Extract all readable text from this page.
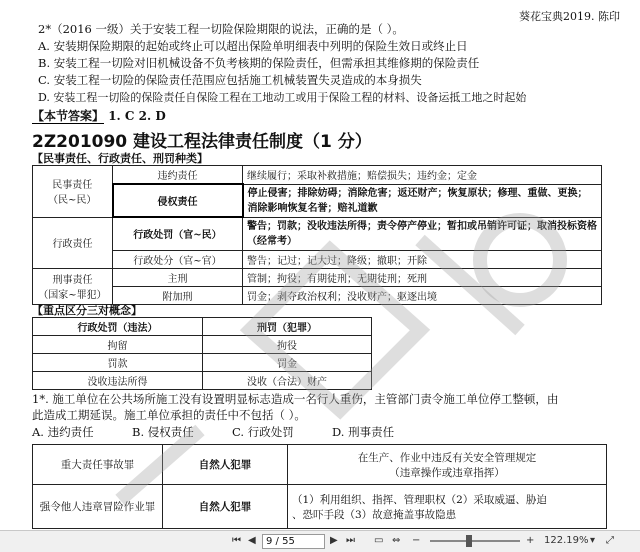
葵花宝典2019. 陈印
2*（2016 一级）关于安装工程一切险保险期限的说法，正确的是（ ）。
A. 安装期保险期限的起始或终止可以超出保险单明细表中列明的保险生效日或终止日
B. 安装工程一切险对旧机械设备不负考核期的保险责任，但需承担其维修期的保险责任
C. 安装工程一切险的保险责任范围应包括施工机械装置失灵造成的本身损失
D. 安装工程一切险的保险责任自保险工程在工地动工或用于保险工程的材料、设备运抵工地之时起始
【本节答案】 1. C 2. D
2Z201090 建设工程法律责任制度（1 分）
【民事责任、行政责任、刑罚种类】
民事责任
（民~民）	违约责任	继续履行；采取补救措施；赔偿损失；违约金；定金
	侵权责任	停止侵害；排除妨碍；消除危害；返还财产；恢复原状；修理、重做、更换；消除影响恢复名誉；赔礼道歉
行政责任	行政处罚（官~民）	警告；罚款；没收违法所得；责令停产停业；暂扣或吊销许可证；取消投标资格（经常考）
	行政处分（官~官）	警告；记过；记大过；降级；撤职；开除
刑事责任
（国家~罪犯）	主刑	管制；拘役；有期徒刑；无期徒刑；死刑
	附加刑	罚金；剥夺政治权利；没收财产；驱逐出境
【重点区分三对概念】
行政处罚（违法）	刑罚（犯罪）
拘留	拘役
罚款	罚金
没收违法所得	没收（合法）财产
1*. 施工单位在公共场所施工没有设置明显标志造成一名行人重伤，主管部门责令施工单位停工整顿，由
此造成工期延误。施工单位承担的责任中不包括（ ）。
A. 违约责任	B. 侵权责任	C. 行政处罚	D. 刑事责任
重大责任事故罪	自然人犯罪	在生产、作业中违反有关安全管理规定
（违章操作或违章指挥）

强令他人违章冒险作业罪	自然人犯罪	（1）利用组织、指挥、管理职权（2）采取威逼、胁迫
、恐吓手段（3）故意掩盖事故隐患
⏮ ◀	9 / 55	▶ ⏭ ▭ ⇔ −	+ 122.19% ▾ ⤢
